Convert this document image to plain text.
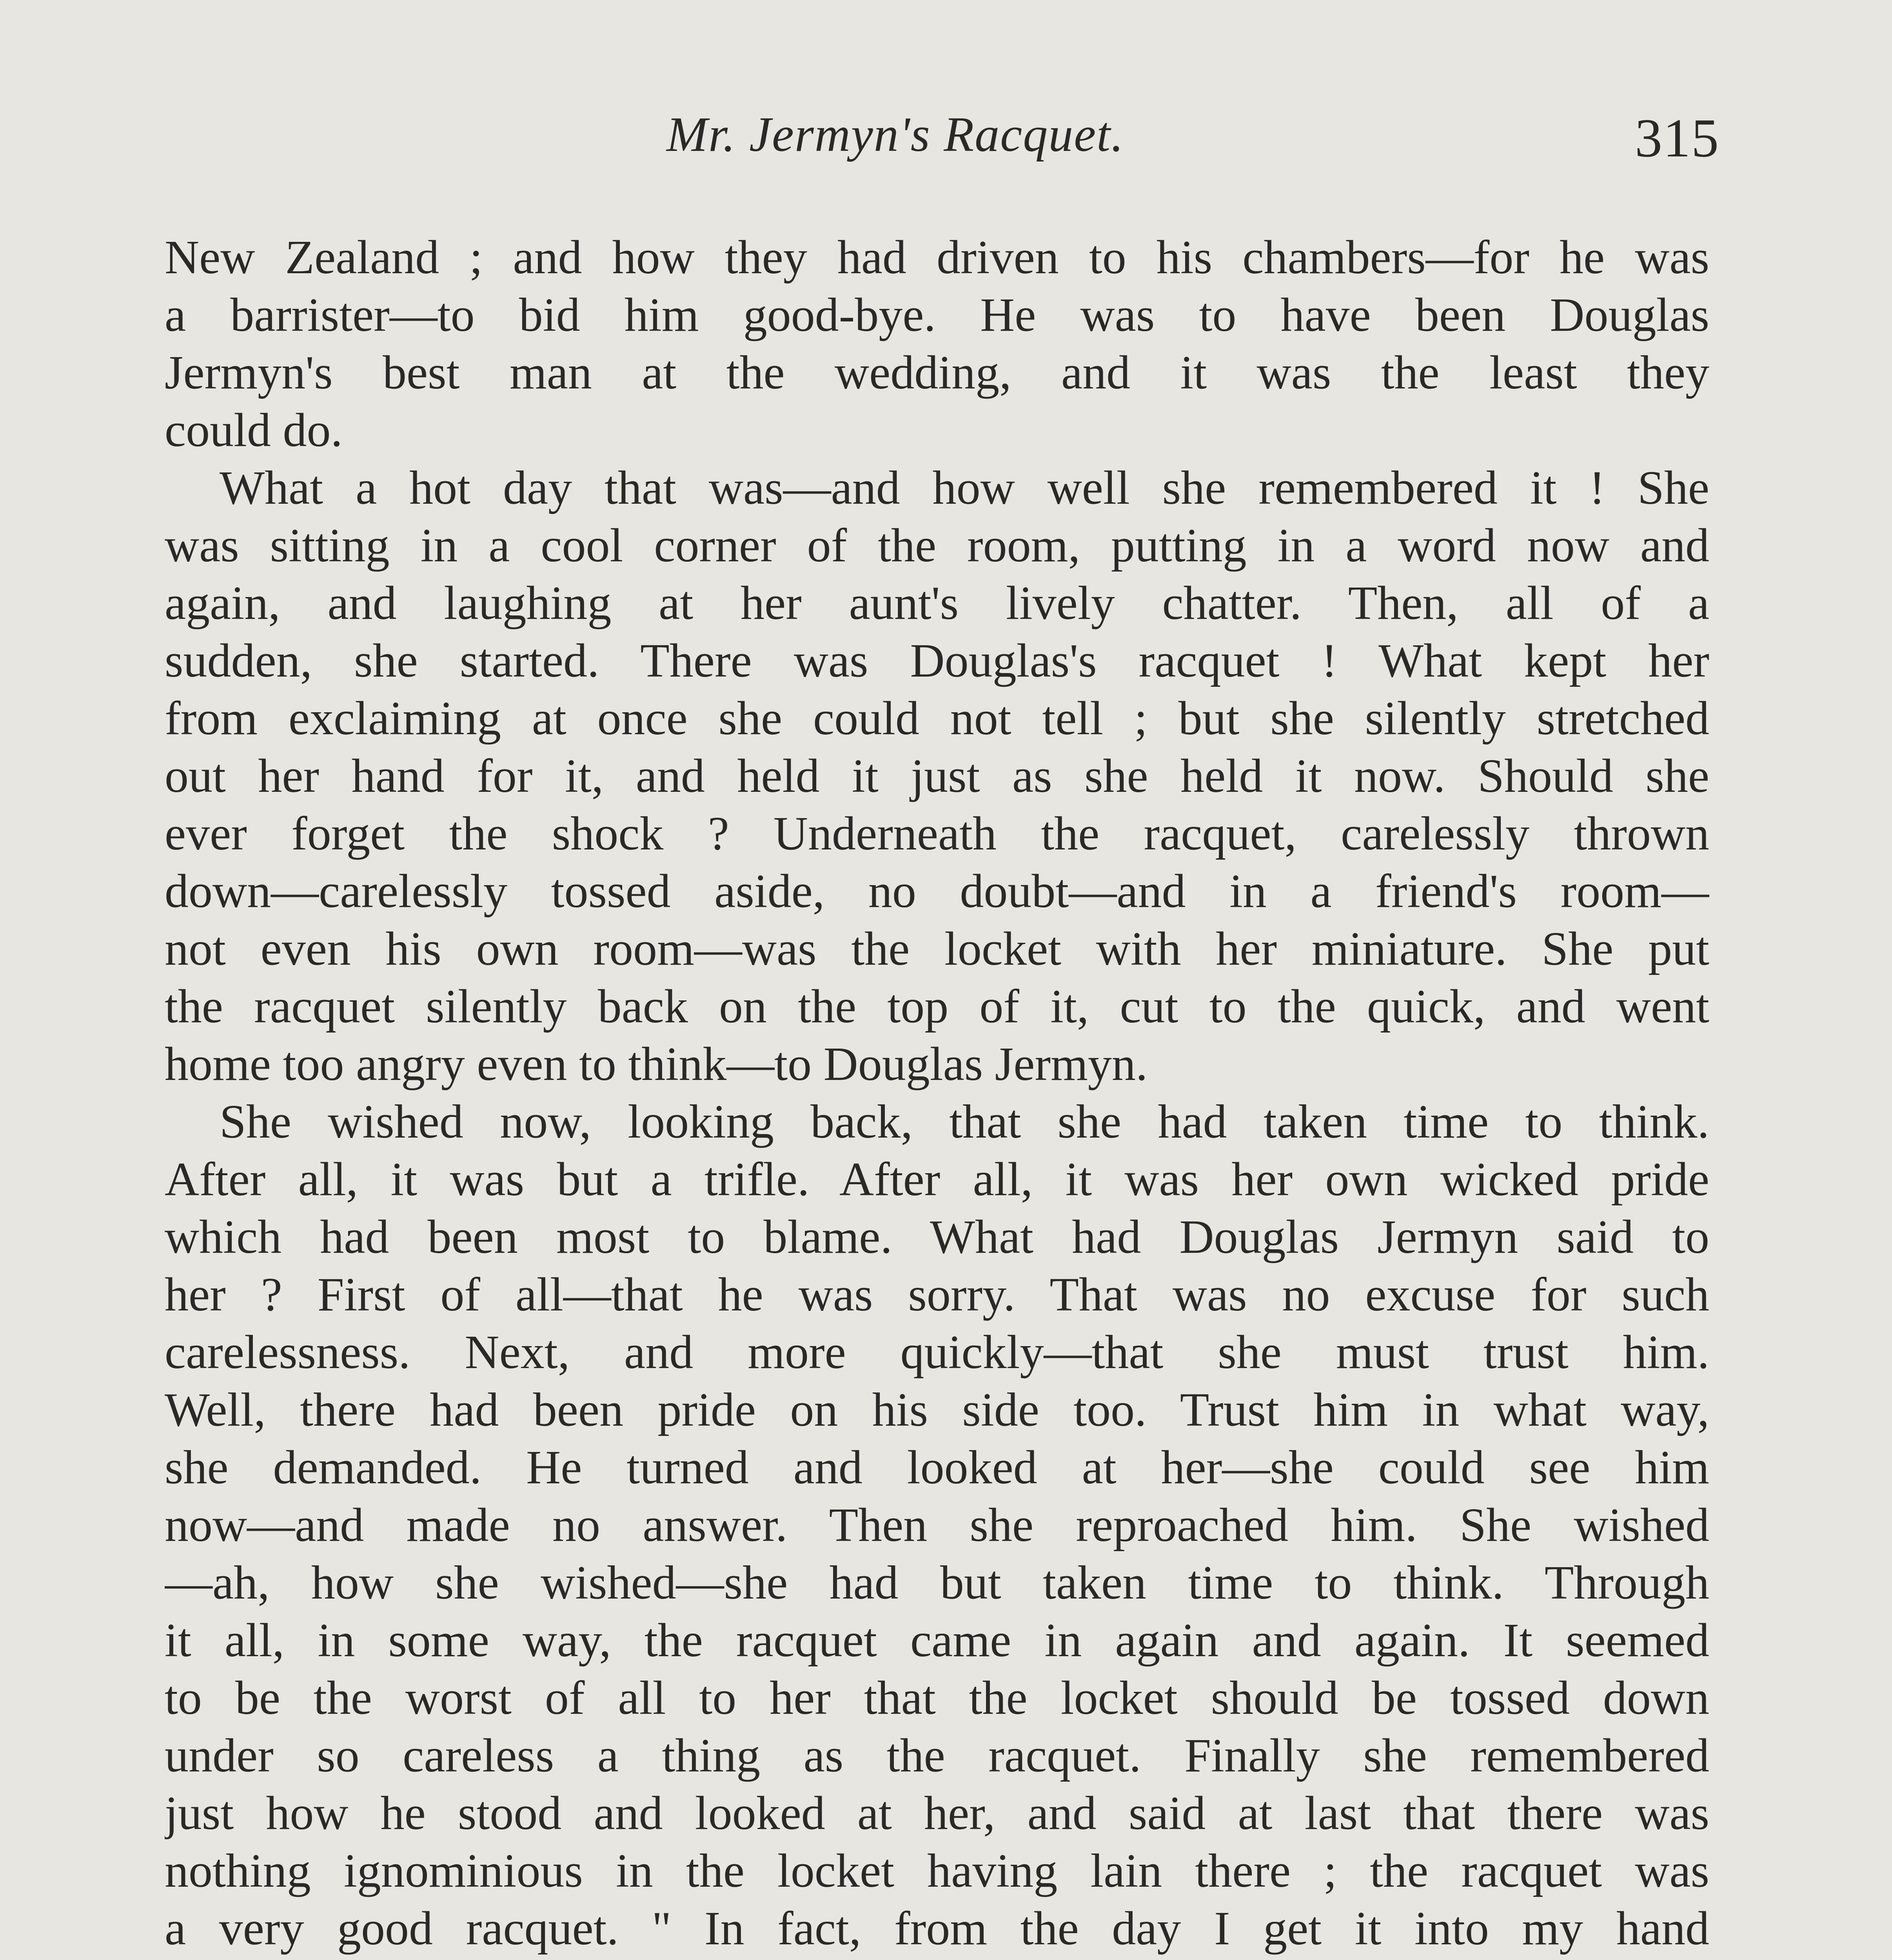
Mr. Jermyn's Racquet.	315
New Zealand ; and how they had driven to his chambers—for he was
a barrister—to bid him good-bye. He was to have been Douglas
Jermyn's best man at the wedding, and it was the least they
could do.
What a hot day that was—and how well she remembered it ! She
was sitting in a cool corner of the room, putting in a word now and
again, and laughing at her aunt's lively chatter. Then, all of a
sudden, she started. There was Douglas's racquet ! What kept her
from exclaiming at once she could not tell ; but she silently stretched
out her hand for it, and held it just as she held it now. Should she
ever forget the shock ? Underneath the racquet, carelessly thrown
down—carelessly tossed aside, no doubt—and in a friend's room—
not even his own room—was the locket with her miniature. She put
the racquet silently back on the top of it, cut to the quick, and went
home too angry even to think—to Douglas Jermyn.
She wished now, looking back, that she had taken time to think.
After all, it was but a trifle. After all, it was her own wicked pride
which had been most to blame. What had Douglas Jermyn said to
her ? First of all—that he was sorry. That was no excuse for such
carelessness. Next, and more quickly—that she must trust him.
Well, there had been pride on his side too. Trust him in what way,
she demanded. He turned and looked at her—she could see him
now—and made no answer. Then she reproached him. She wished
—ah, how she wished—she had but taken time to think. Through
it all, in some way, the racquet came in again and again. It seemed
to be the worst of all to her that the locket should be tossed down
under so careless a thing as the racquet. Finally she remembered
just how he stood and looked at her, and said at last that there was
nothing ignominious in the locket having lain there ; the racquet was
a very good racquet. " In fact, from the day I get it into my hand
